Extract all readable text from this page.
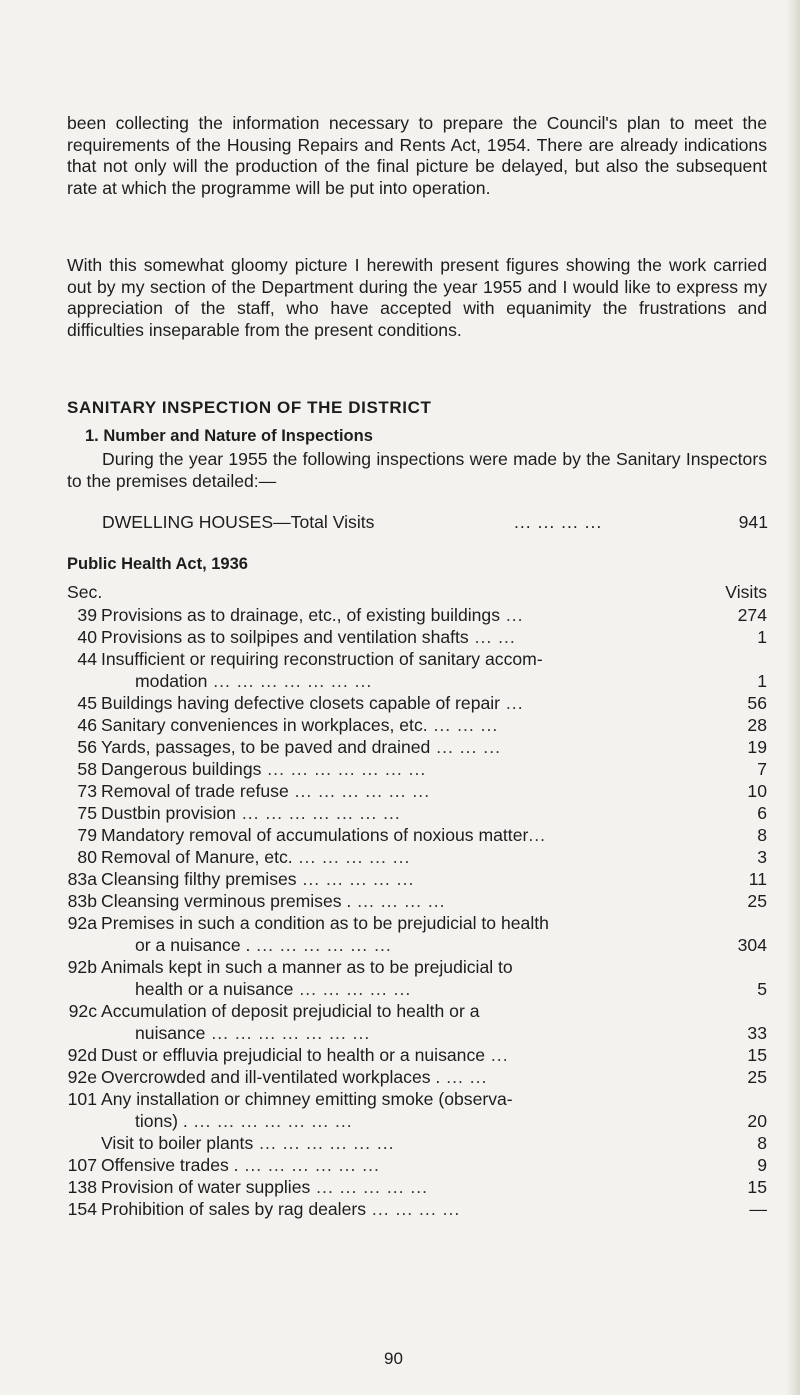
been collecting the information necessary to prepare the Council's plan to meet the requirements of the Housing Repairs and Rents Act, 1954. There are already indications that not only will the production of the final picture be delayed, but also the subsequent rate at which the programme will be put into operation.

With this somewhat gloomy picture I herewith present figures showing the work carried out by my section of the Department during the year 1955 and I would like to express my appreciation of the staff, who have accepted with equanimity the frustrations and difficulties inseparable from the present conditions.

SANITARY INSPECTION OF THE DISTRICT
1. Number and Nature of Inspections

During the year 1955 the following inspections were made by the Sanitary Inspectors to the premises detailed:—

DWELLING HOUSES—Total Visits	... ... ... ...	941
Public Health Act, 1936
Sec.	Visits
39 Provisions as to drainage, etc., of existing buildings ...	274
40 Provisions as to soilpipes and ventilation shafts ... ...	1
44 Insufficient or requiring reconstruction of sanitary accom-
modation ... ... ... ... ... ... ...	1
45 Buildings having defective closets capable of repair ...	56
46 Sanitary conveniences in workplaces, etc. ... ... ...	28
56 Yards, passages, to be paved and drained ... ... ...	19
58 Dangerous buildings ... ... ... ... ... ... ...	7
73 Removal of trade refuse ... ... ... ... ... ...	10
75 Dustbin provision ... ... ... ... ... ... ...	6
79 Mandatory removal of accumulations of noxious matter...	8
80 Removal of Manure, etc. ... ... ... ... ...	3
83a Cleansing filthy premises ... ... ... ... ...	11
83b Cleansing verminous premises . ... ... ... ...	25
92a Premises in such a condition as to be prejudicial to health
or a nuisance . ... ... ... ... ... ...	304
92b Animals kept in such a manner as to be prejudicial to
health or a nuisance ... ... ... ... ...	5
92c Accumulation of deposit prejudicial to health or a
nuisance ... ... ... ... ... ... ...	33
92d Dust or effluvia prejudicial to health or a nuisance ...	15
92e Overcrowded and ill-ventilated workplaces . ... ...	25
101 Any installation or chimney emitting smoke (observa-
tions) . ... ... ... ... ... ... ...	20
Visit to boiler plants ... ... ... ... ... ...	8
107 Offensive trades . ... ... ... ... ... ...	9
138 Provision of water supplies ... ... ... ... ...	15
154 Prohibition of sales by rag dealers ... ... ... ...	—
90
